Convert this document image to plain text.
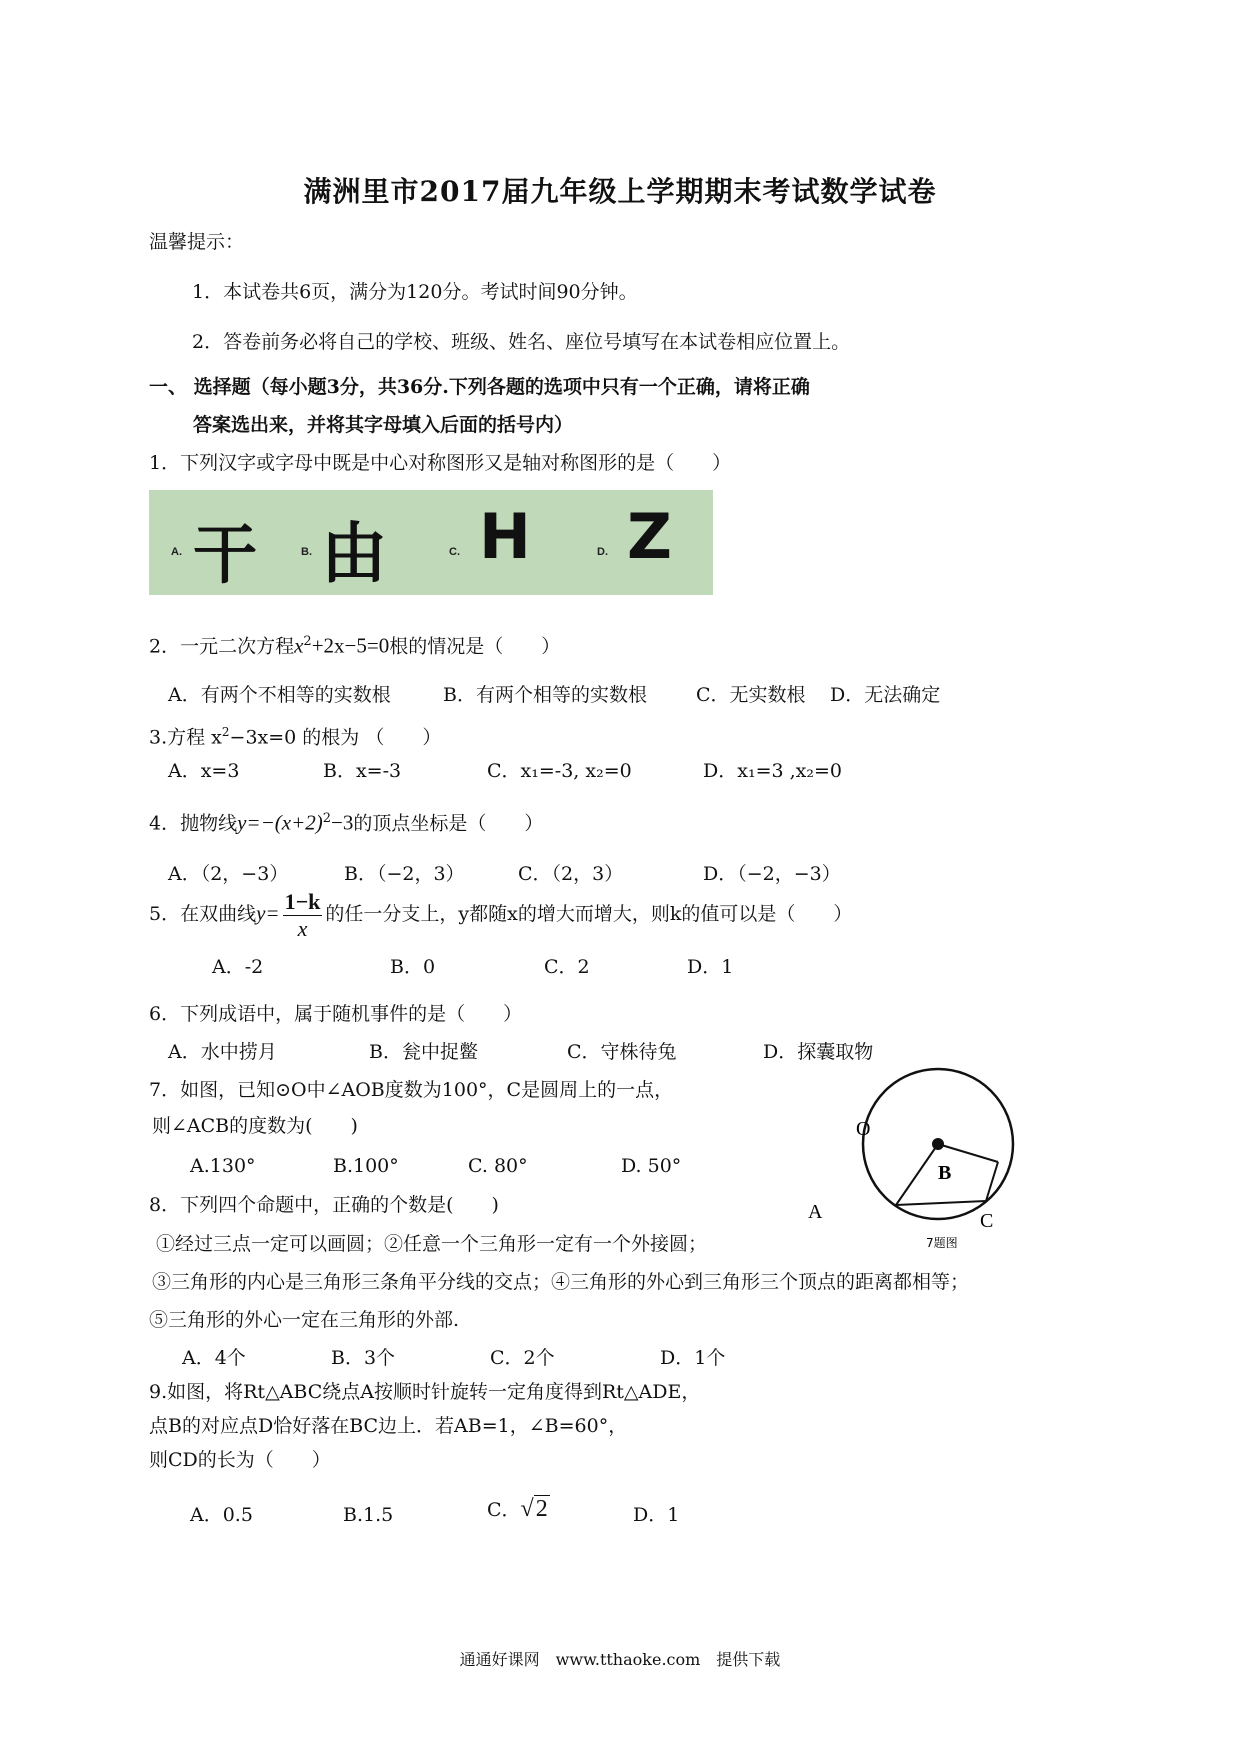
满洲里市2017届九年级上学期期末考试数学试卷
温馨提示：
1．本试卷共6页，满分为120分。考试时间90分钟。
2．答卷前务必将自己的学校、班级、姓名、座位号填写在本试卷相应位置上。
一、 选择题（每小题3分，共36分.下列各题的选项中只有一个正确，请将正确
答案选出来，并将其字母填入后面的括号内）
1．下列汉字或字母中既是中心对称图形又是轴对称图形的是（　　）
A. 干	B. 由	C. H	D. Z
2．一元二次方程$x^2+2x-5=0$根的情况是（　　）
A．有两个不相等的实数根	B．有两个相等的实数根	C．无实数根 D．无法确定
3.方程 $x^2-3x=0$ 的根为 （　　）
A．x=3	B．x=-3	C．x₁=-3, x₂=0	D．x₁=3 ,x₂=0
4．抛物线$y=-(x+2)^2-3$的顶点坐标是（　　）
A．（2，−3）	B．（−2，3）	C．（2，3）	D．（−2，−3）
5．在双曲线$y= \frac{1-k}{x}$ 的任一分支上，y都随x的增大而增大，则k的值可以是（　　）
A．-2	B．0	C．2	D．1
6．下列成语中，属于随机事件的是（　　）
A．水中捞月	B．瓮中捉鳖	C．守株待兔	D．探囊取物
7．如图，已知⊙O中∠AOB度数为100°，C是圆周上的一点，
则∠ACB的度数为(　　)
A.130°	B.100°	C. 80°	D. 50°
O
B
A	C
7题图
8．下列四个命题中，正确的个数是(　　)
①经过三点一定可以画圆；②任意一个三角形一定有一个外接圆；
③三角形的内心是三角形三条角平分线的交点；④三角形的外心到三角形三个顶点的距离都相等；
⑤三角形的外心一定在三角形的外部.
A．4个	B．3个	C．2个	D．1个
9.如图，将Rt△ABC绕点A按顺时针旋转一定角度得到Rt△ADE，
点B的对应点D恰好落在BC边上．若AB=1，∠B=60°，
则CD的长为（　　）
A．0.5	B.1.5	C．√2	D．1
通通好课网　www.tthaoke.com　提供下载
